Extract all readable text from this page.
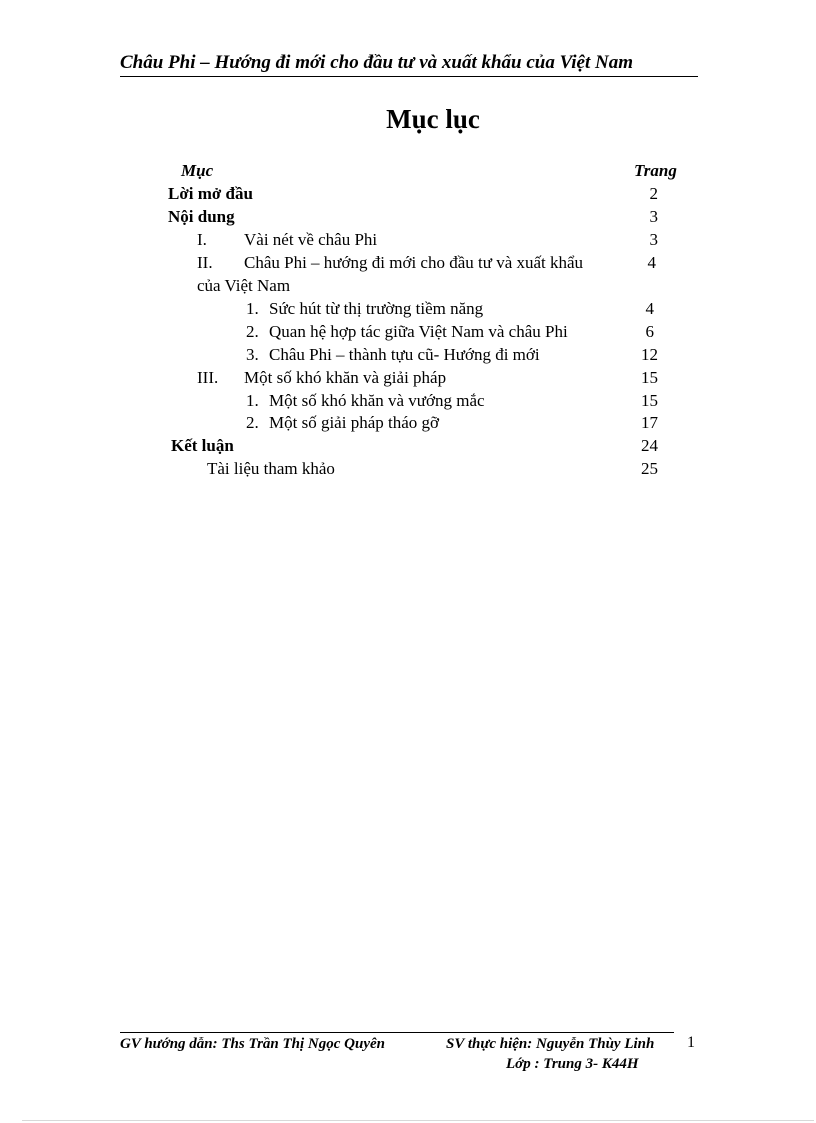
Châu Phi – Hướng đi mới cho đầu tư và xuất khẩu của Việt Nam
Mục lục
Mục	Trang
Lời mở đầu	2
Nội dung	3
I. Vài nét về châu Phi	3
II. Châu Phi – hướng đi mới cho đầu tư và xuất khẩu	4
của Việt Nam
1. Sức hút từ thị trường tiềm năng	4
2. Quan hệ hợp tác giữa Việt Nam và châu Phi	6
3. Châu Phi – thành tựu cũ- Hướng đi mới	12
III. Một số khó khăn và giải pháp	15
1. Một số khó khăn và vướng mắc	15
2. Một số giải pháp tháo gỡ	17
Kết luận	24
Tài liệu tham khảo	25
GV hướng dẫn: Ths Trần Thị Ngọc Quyên	SV thực hiện: Nguyễn Thùy Linh
Lớp : Trung 3- K44H
1
